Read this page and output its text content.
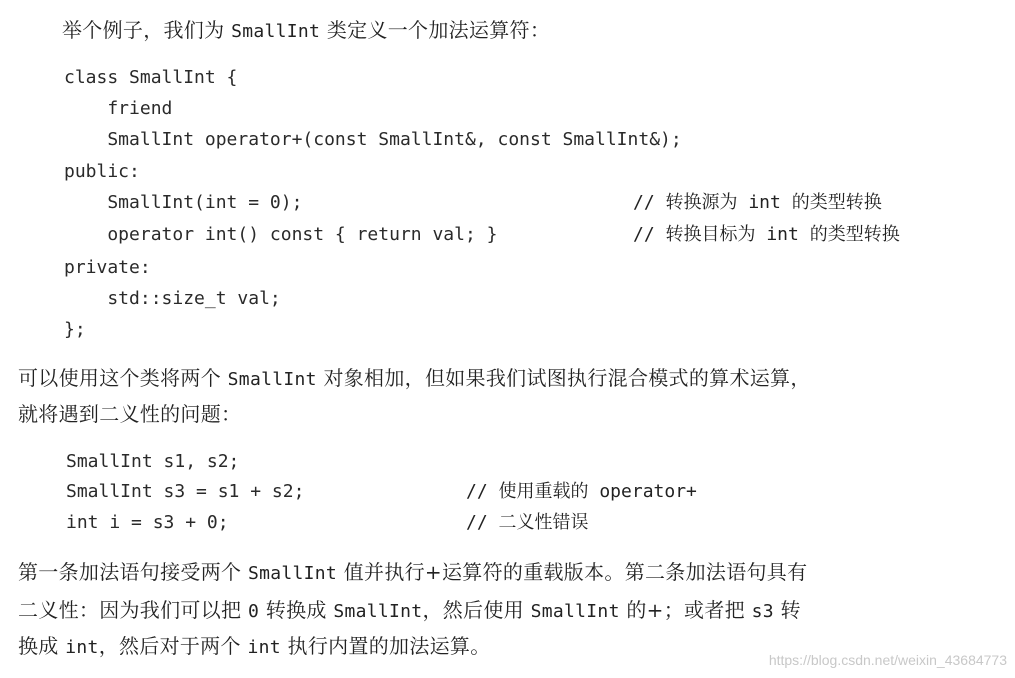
举个例子，我们为 SmallInt 类定义一个加法运算符：
class SmallInt {
friend
SmallInt operator+(const SmallInt&, const SmallInt&);
public:
SmallInt(int = 0);	// 转换源为 int 的类型转换
operator int() const { return val; }	// 转换目标为 int 的类型转换
private:
std::size_t val;
};
可以使用这个类将两个 SmallInt 对象相加，但如果我们试图执行混合模式的算术运算，
就将遇到二义性的问题：
SmallInt s1, s2;
SmallInt s3 = s1 + s2;	// 使用重载的 operator+
int i = s3 + 0;	// 二义性错误
第一条加法语句接受两个 SmallInt 值并执行+运算符的重载版本。第二条加法语句具有
二义性：因为我们可以把 0 转换成 SmallInt，然后使用 SmallInt 的+；或者把 s3 转
换成 int，然后对于两个 int 执行内置的加法运算。
https://blog.csdn.net/weixin_43684773
